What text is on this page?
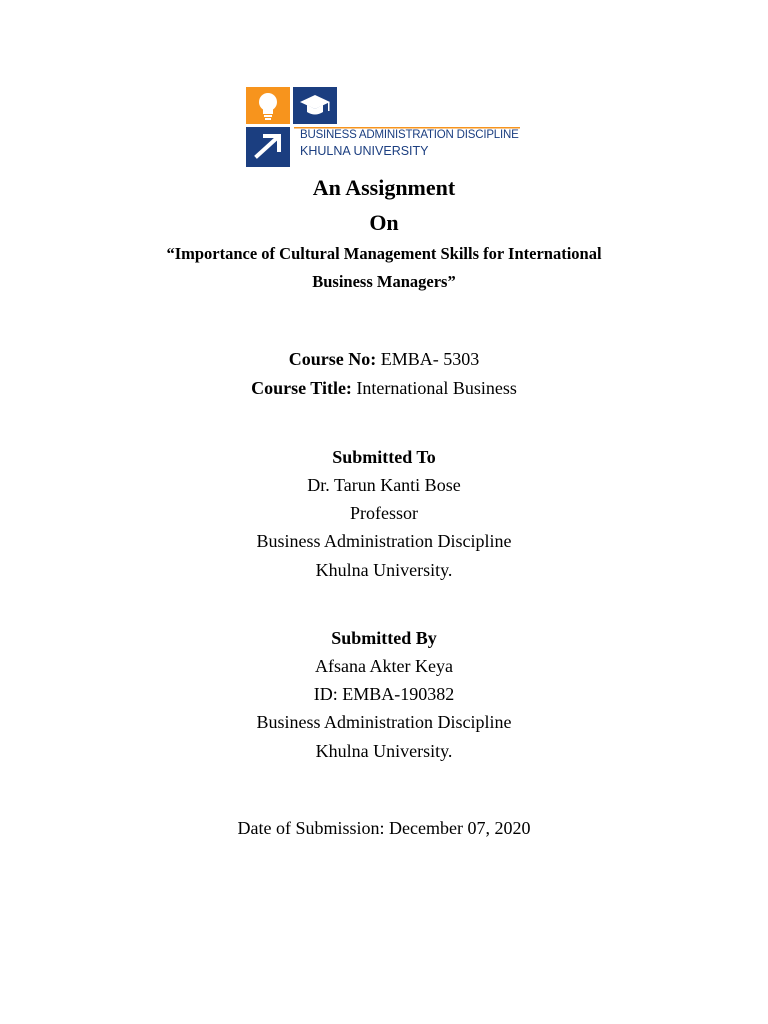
BUSINESS ADMINISTRATION DISCIPLINE
KHULNA UNIVERSITY
An Assignment
On
“Importance of Cultural Management Skills for International
Business Managers”
Course No: EMBA- 5303
Course Title: International Business
Submitted To
Dr. Tarun Kanti Bose
Professor
Business Administration Discipline
Khulna University.
Submitted By
Afsana Akter Keya
ID: EMBA-190382
Business Administration Discipline
Khulna University.
Date of Submission: December 07, 2020
